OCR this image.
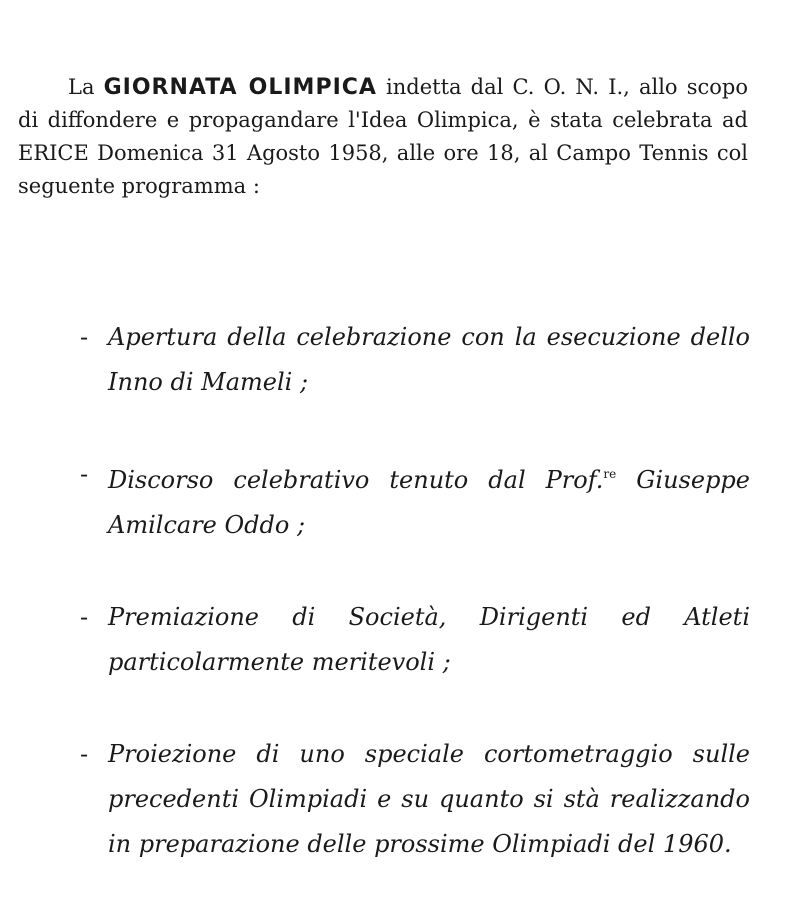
La GIORNATA OLIMPICA indetta dal C. O. N. I., allo scopo di diffondere e propagandare l'Idea Olimpica, è stata celebrata ad ERICE Domenica 31 Agosto 1958, alle ore 18, al Campo Tennis col seguente programma :

- Apertura della celebrazione con la esecuzione dello Inno di Mameli ;
- Discorso celebrativo tenuto dal Prof.$^{re}$ Giuseppe Amilcare Oddo ;
- Premiazione di Società, Dirigenti ed Atleti particolarmente meritevoli ;
- Proiezione di uno speciale cortometraggio sulle precedenti Olimpiadi e su quanto si stà realizzando in preparazione delle prossime Olimpiadi del 1960.
